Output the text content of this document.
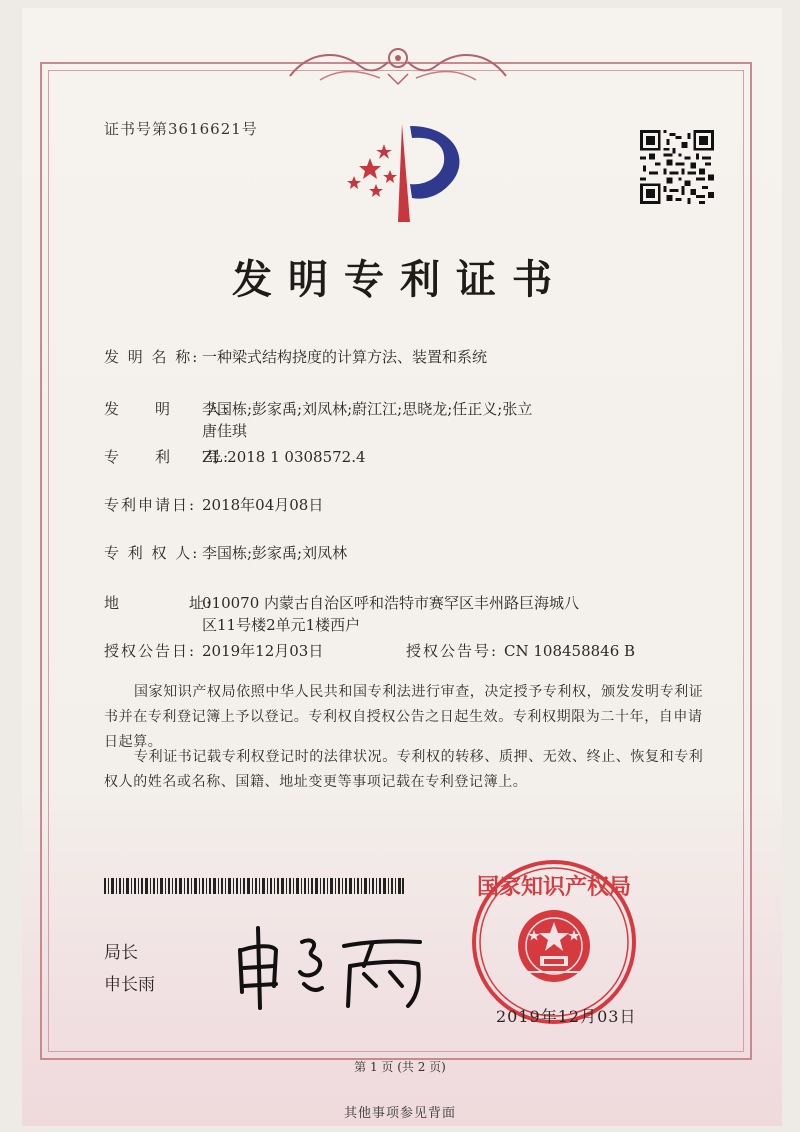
证书号第3616621号
发明专利证书
发 明 名 称: 一种梁式结构挠度的计算方法、装置和系统
发　　明　　人:李国栋;彭家禹;刘凤林;蔚江江;思晓龙;任正义;张立
唐佳琪
专　　利　　号:ZL 2018 1 0308572.4
专利申请日: 2018年04月08日
专 利 权 人: 李国栋;彭家禹;刘凤林
地　　　　址:010070 内蒙古自治区呼和浩特市赛罕区丰州路巨海城八
区11号楼2单元1楼西户
授权公告日: 2019年12月03日	授权公告号: CN 108458846 B
国家知识产权局依照中华人民共和国专利法进行审查，决定授予专利权，颁发发明专利证书并在专利登记簿上予以登记。专利权自授权公告之日起生效。专利权期限为二十年，自申请日起算。
专利证书记载专利权登记时的法律状况。专利权的转移、质押、无效、终止、恢复和专利权人的姓名或名称、国籍、地址变更等事项记载在专利登记簿上。
局长
申长雨
国家知识产权局
2019年12月03日
第 1 页 (共 2 页)
其他事项参见背面
